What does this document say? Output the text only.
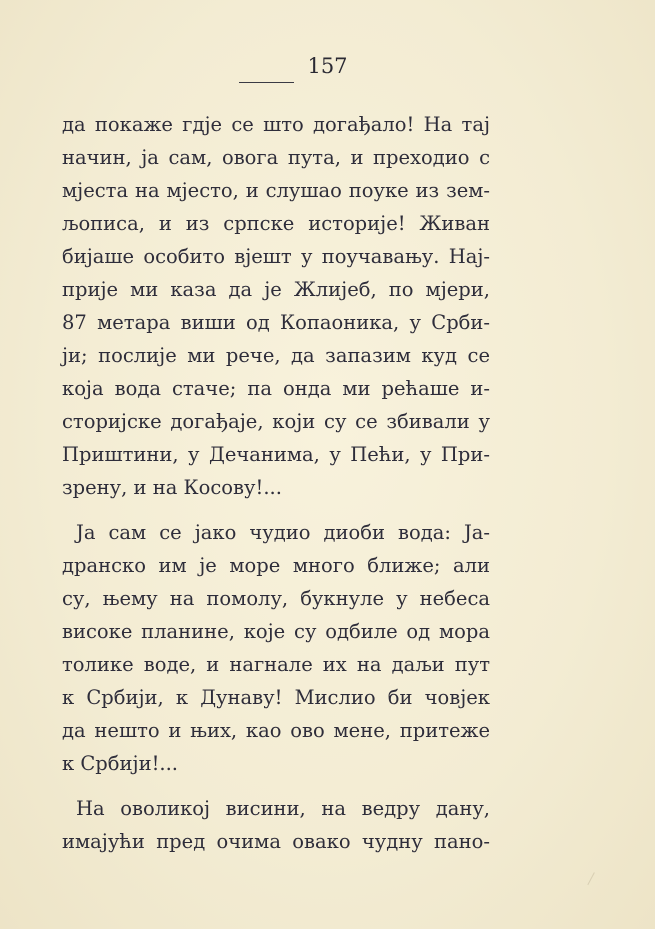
157

да покаже гдје се што догађало! На тај
начин, ја сам, овога пута, и преходио с
мјеста на мјесто, и слушао поуке из зем-
љописа, и из српске историје! Живан
бијаше особито вјешт у поучавању. Нај-
прије ми каза да је Жлијеб, по мјери,
87 метара виши од Копаоника, у Срби-
ји; послије ми рече, да запазим куд се
која вода стаче; па онда ми рећаше и-
сторијске догађаје, који су се збивали у
Приштини, у Дечанима, у Пећи, у При-
зрену, и на Косову!...

Ја сам се јако чудио диоби вода: Ја-
дранско им је море много ближе; али
су, њему на помолу, букнуле у небеса
високе планине, које су одбиле од мора
толике воде, и нагнале их на даљи пут
к Србији, к Дунаву! Мислио би човјек
да нешто и њих, као ово мене, притеже
к Србији!...

На оволикој висини, на ведру дану,
имајући пред очима овако чудну пано-
